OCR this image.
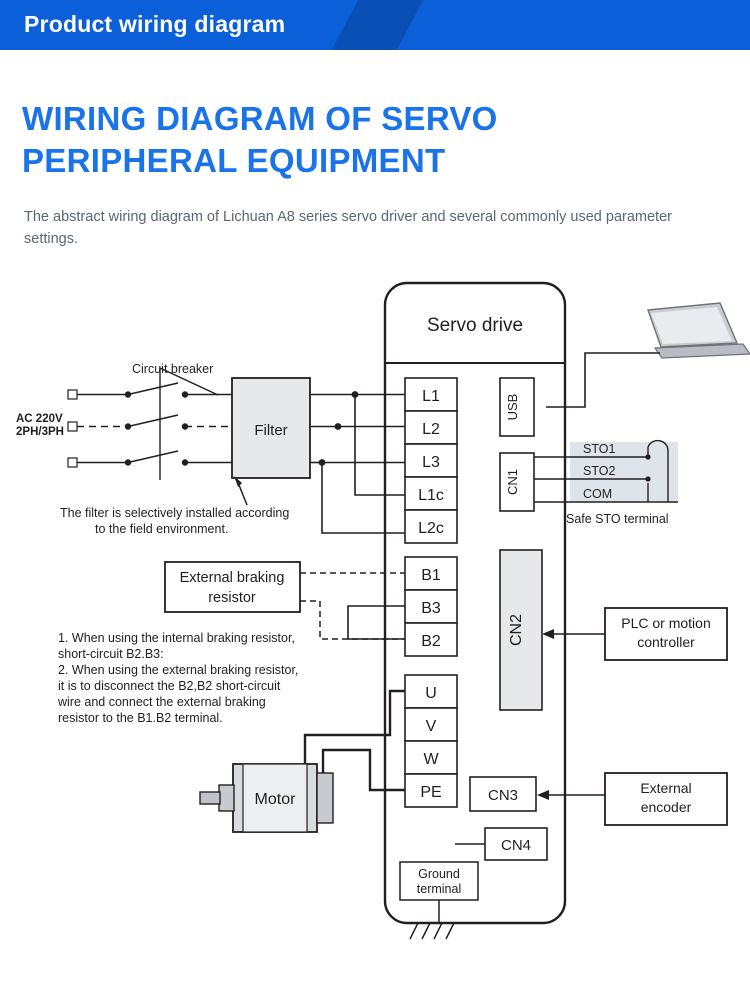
Product wiring diagram
WIRING DIAGRAM OF SERVO
PERIPHERAL EQUIPMENT
The abstract wiring diagram of Lichuan A8 series servo driver and several commonly used parameter settings.
Servo drive
AC 220V
2PH/3PH
Circuit breaker
Filter
The filter is selectively installed according
to the field environment.
L1
L2
L3
L1c
L2c
B1
B3
B2
External braking
resistor
1. When using the internal braking resistor,
short-circuit B2.B3:
2. When using the external braking resistor,
it is to disconnect the B2,B2 short-circuit
wire and connect the external braking
resistor to the B1.B2 terminal.
U
V
W
PE
Motor
USB
CN1
STO1
STO2
COM
Safe STO terminal
CN2	PLC or motion
controller
CN3	External
encoder
CN4
Ground
terminal
